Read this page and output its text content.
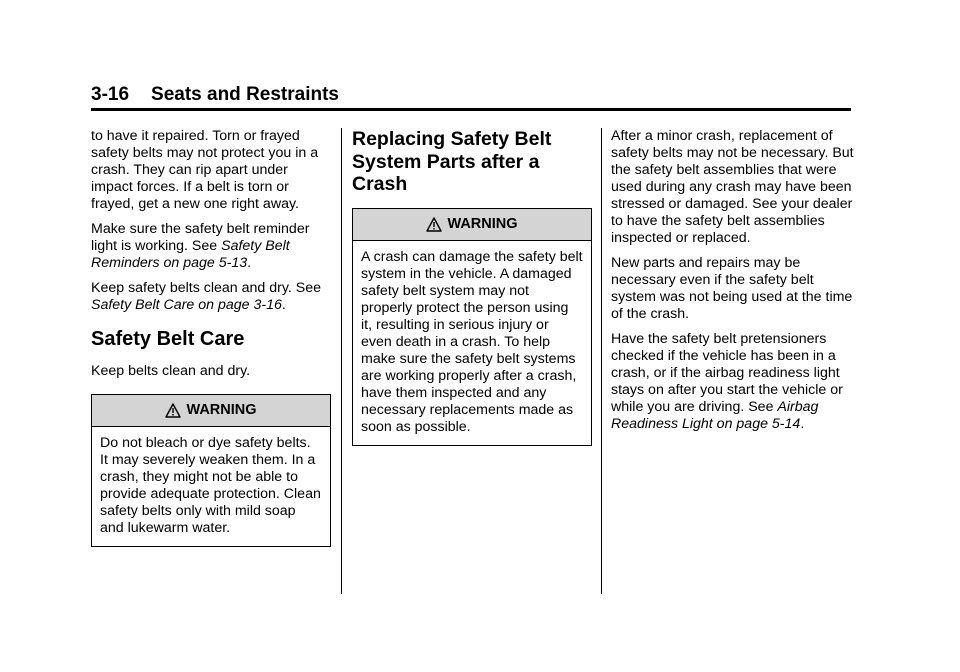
3-16 Seats and Restraints

to have it repaired. Torn or frayed safety belts may not protect you in a crash. They can rip apart under impact forces. If a belt is torn or frayed, get a new one right away.

Make sure the safety belt reminder light is working. See Safety Belt Reminders on page 5-13.

Keep safety belts clean and dry. See Safety Belt Care on page 3-16.

Safety Belt Care

Keep belts clean and dry.

WARNING

Do not bleach or dye safety belts. It may severely weaken them. In a crash, they might not be able to provide adequate protection. Clean safety belts only with mild soap and lukewarm water.

Replacing Safety Belt System Parts after a Crash
WARNING

A crash can damage the safety belt system in the vehicle. A damaged safety belt system may not properly protect the person using it, resulting in serious injury or even death in a crash. To help make sure the safety belt systems are working properly after a crash, have them inspected and any necessary replacements made as soon as possible.

After a minor crash, replacement of safety belts may not be necessary. But the safety belt assemblies that were used during any crash may have been stressed or damaged. See your dealer to have the safety belt assemblies inspected or replaced.

New parts and repairs may be necessary even if the safety belt system was not being used at the time of the crash.

Have the safety belt pretensioners checked if the vehicle has been in a crash, or if the airbag readiness light stays on after you start the vehicle or while you are driving. See Airbag Readiness Light on page 5-14.
